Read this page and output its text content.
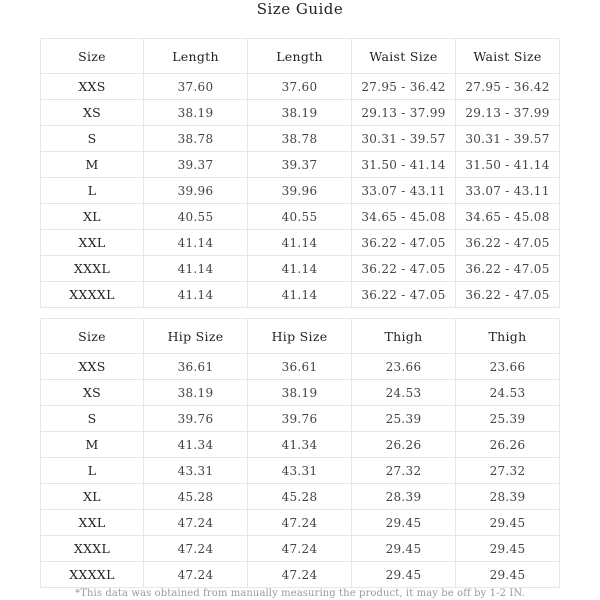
Size Guide
Size	Length	Length	Waist Size	Waist Size
XXS	37.60	37.60	27.95 - 36.42	27.95 - 36.42
XS	38.19	38.19	29.13 - 37.99	29.13 - 37.99
S	38.78	38.78	30.31 - 39.57	30.31 - 39.57
M	39.37	39.37	31.50 - 41.14	31.50 - 41.14
L	39.96	39.96	33.07 - 43.11	33.07 - 43.11
XL	40.55	40.55	34.65 - 45.08	34.65 - 45.08
XXL	41.14	41.14	36.22 - 47.05	36.22 - 47.05
XXXL	41.14	41.14	36.22 - 47.05	36.22 - 47.05
XXXXL	41.14	41.14	36.22 - 47.05	36.22 - 47.05
Size	Hip Size	Hip Size	Thigh	Thigh
XXS	36.61	36.61	23.66	23.66
XS	38.19	38.19	24.53	24.53
S	39.76	39.76	25.39	25.39
M	41.34	41.34	26.26	26.26
L	43.31	43.31	27.32	27.32
XL	45.28	45.28	28.39	28.39
XXL	47.24	47.24	29.45	29.45
XXXL	47.24	47.24	29.45	29.45
XXXXL	47.24	47.24	29.45	29.45
*This data was obtained from manually measuring the product, it may be off by 1-2 IN.
